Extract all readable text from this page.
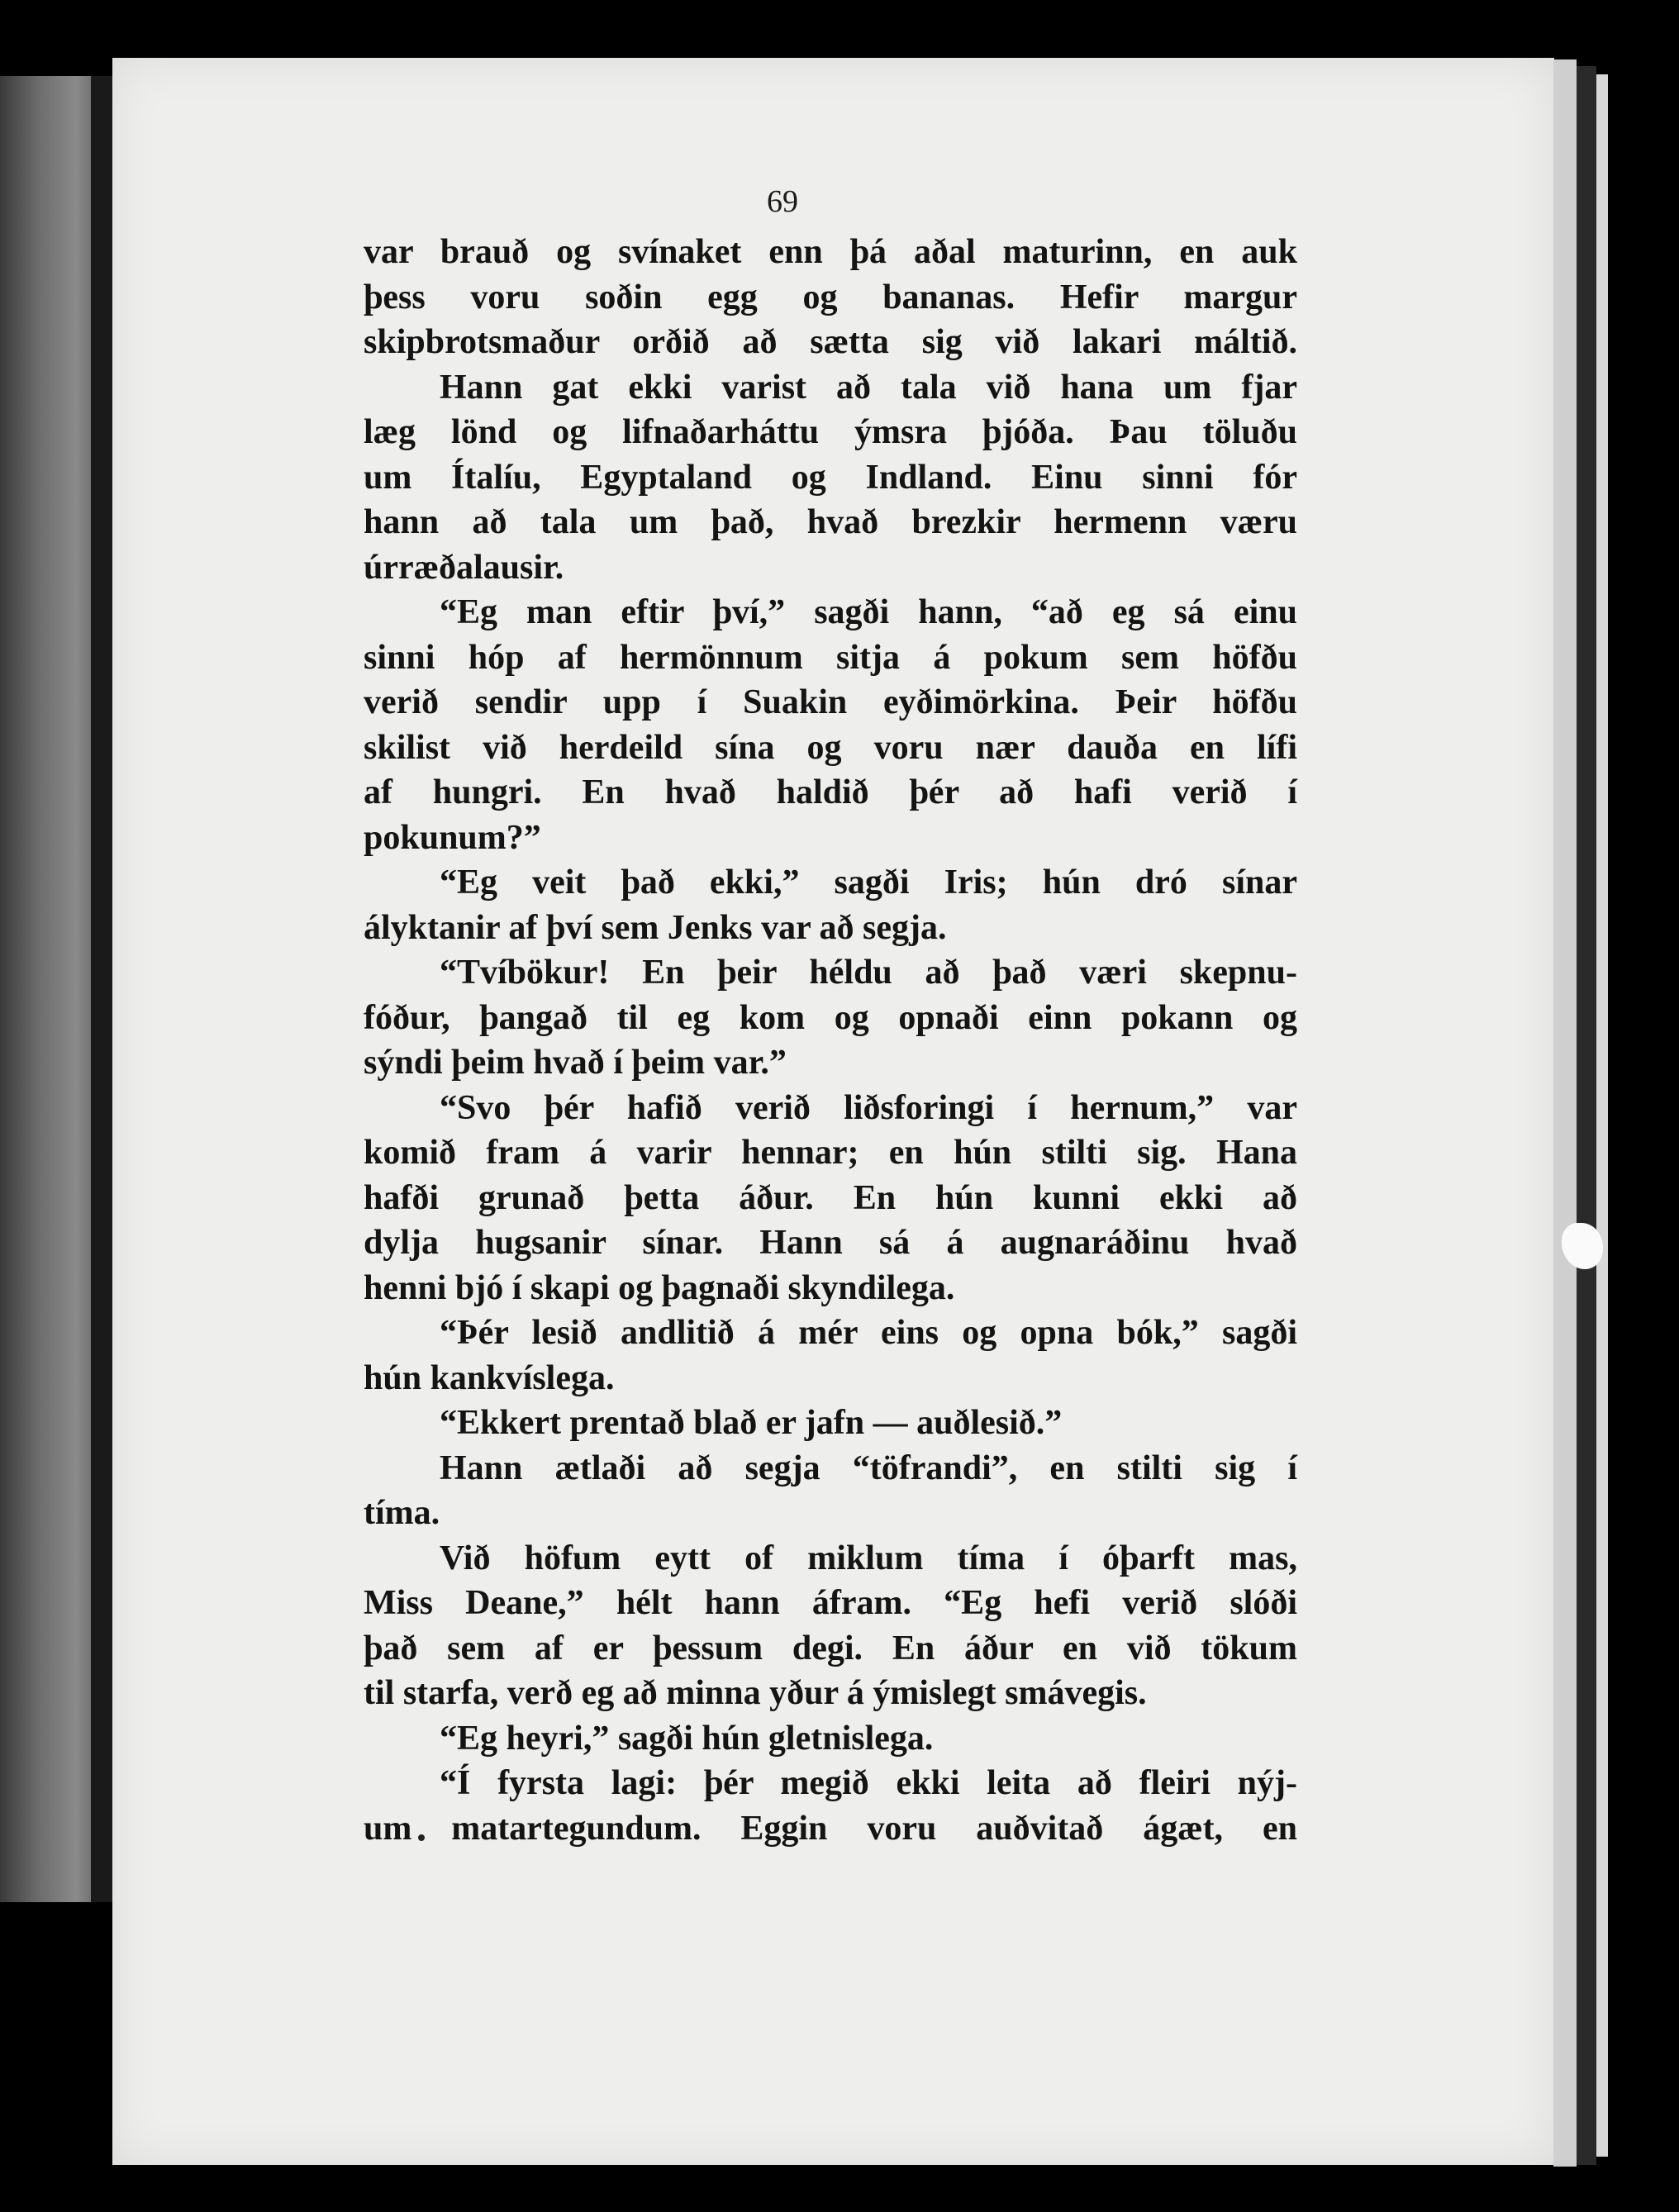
69
var brauð og svínaket enn þá aðal maturinn, en auk
þess voru soðin egg og bananas. Hefir margur
skipbrotsmaður orðið að sætta sig við lakari máltið.
Hann gat ekki varist að tala við hana um fjar
læg lönd og lifnaðarháttu ýmsra þjóða. Þau töluðu
um Ítalíu, Egyptaland og Indland. Einu sinni fór
hann að tala um það, hvað brezkir hermenn væru
úrræðalausir.
“Eg man eftir því,” sagði hann, “að eg sá einu
sinni hóp af hermönnum sitja á pokum sem höfðu
verið sendir upp í Suakin eyðimörkina. Þeir höfðu
skilist við herdeild sína og voru nær dauða en lífi
af hungri. En hvað haldið þér að hafi verið í
pokunum?”
“Eg veit það ekki,” sagði Iris; hún dró sínar
ályktanir af því sem Jenks var að segja.
“Tvíbökur! En þeir héldu að það væri skepnu-
fóður, þangað til eg kom og opnaði einn pokann og
sýndi þeim hvað í þeim var.”
“Svo þér hafið verið liðsforingi í hernum,” var
komið fram á varir hennar; en hún stilti sig. Hana
hafði grunað þetta áður. En hún kunni ekki að
dylja hugsanir sínar. Hann sá á augnaráðinu hvað
henni bjó í skapi og þagnaði skyndilega.
“Þér lesið andlitið á mér eins og opna bók,” sagði
hún kankvíslega.
“Ekkert prentað blað er jafn — auðlesið.”
Hann ætlaði að segja “töfrandi”, en stilti sig í
tíma.
Við höfum eytt of miklum tíma í óþarft mas,
Miss Deane,” hélt hann áfram. “Eg hefi verið slóði
það sem af er þessum degi. En áður en við tökum
til starfa, verð eg að minna yður á ýmislegt smávegis.
“Eg heyri,” sagði hún gletnislega.
“Í fyrsta lagi: þér megið ekki leita að fleiri nýj-
um matartegundum. Eggin voru auðvitað ágæt, en
